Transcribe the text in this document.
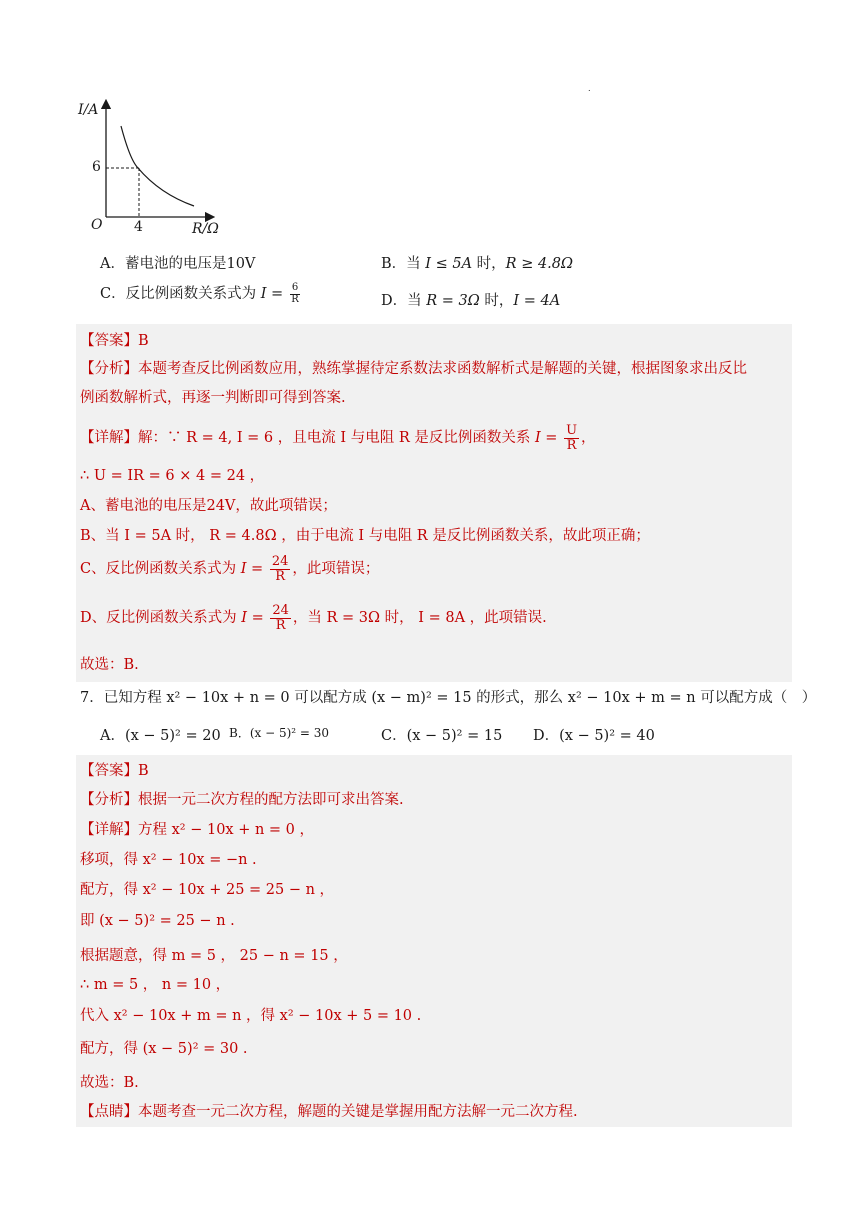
.
I/A
6
O 4	R/Ω
A．蓄电池的电压是10V	B．当 I ≤ 5A 时，R ≥ 4.8Ω
C．反比例函数关系式为 $I = \frac{6}{R}$	D．当 R = 3Ω 时，I = 4A
【答案】B
【分析】本题考查反比例函数应用，熟练掌握待定系数法求函数解析式是解题的关键，根据图象求出反比
例函数解析式，再逐一判断即可得到答案.
【详解】解：∵ R = 4, I = 6 ，且电流 I 与电阻 R 是反比例函数关系 $I = \frac{U}{R}$ ，
∴ U = IR = 6 × 4 = 24 ，
A、蓄电池的电压是24V，故此项错误；
B、当 I = 5A 时， R = 4.8Ω ，由于电流 I 与电阻 R 是反比例函数关系，故此项正确；
C、反比例函数关系式为 $I = \frac{24}{R}$ ，此项错误；
D、反比例函数关系式为 $I = \frac{24}{R}$ ，当 R = 3Ω 时， I = 8A ，此项错误.
故选：B.
7．已知方程 x² − 10x + n = 0 可以配方成 (x − m)² = 15 的形式，那么 x² − 10x + m = n 可以配方成（　）
A．(x − 5)² = 20 B．(x − 5)² = 30	C．(x − 5)² = 15 D．(x − 5)² = 40
【答案】B
【分析】根据一元二次方程的配方法即可求出答案.
【详解】方程 x² − 10x + n = 0 ，
移项，得 x² − 10x = −n .
配方，得 x² − 10x + 25 = 25 − n ，
即 (x − 5)² = 25 − n .
根据题意，得 m = 5 ， 25 − n = 15 ，
∴ m = 5 ， n = 10 ，
代入 x² − 10x + m = n ，得 x² − 10x + 5 = 10 .
配方，得 (x − 5)² = 30 .
故选：B.
【点睛】本题考查一元二次方程，解题的关键是掌握用配方法解一元二次方程.
